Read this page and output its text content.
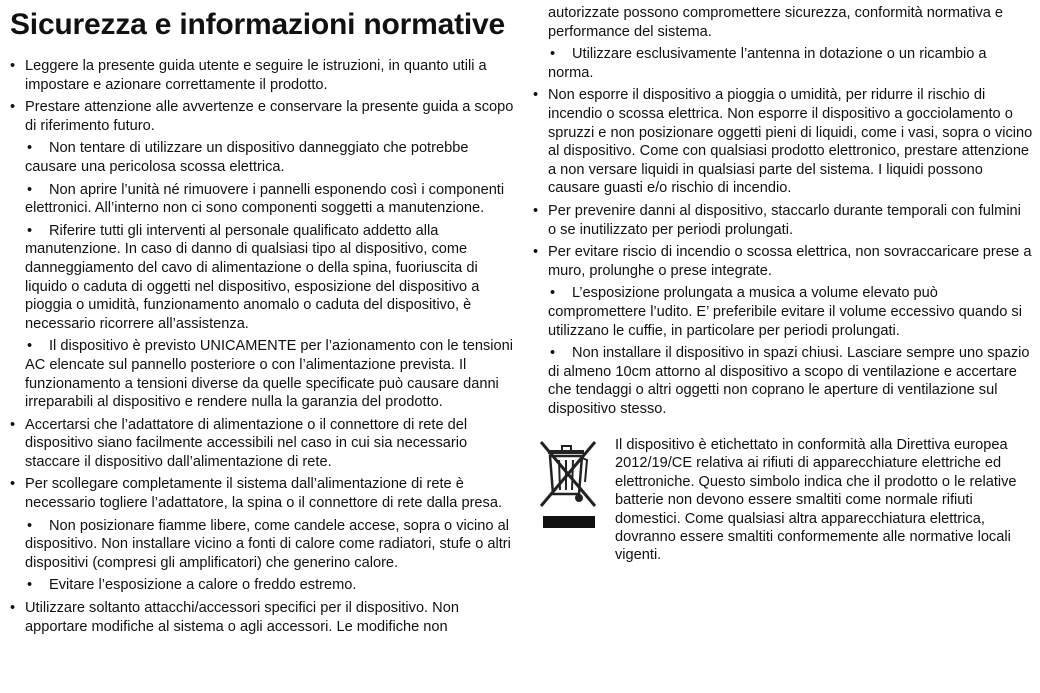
Sicurezza e informazioni normative
• Leggere la presente guida utente e seguire le istruzioni, in quanto utili a impostare e azionare correttamente il prodotto.
• Prestare attenzione alle avvertenze e conservare la presente guida a scopo di riferimento futuro.
• Non tentare di utilizzare un dispositivo danneggiato che potrebbe causare una pericolosa scossa elettrica.
• Non aprire l’unità né rimuovere i pannelli esponendo così i componenti elettronici. All’interno non ci sono componenti soggetti a manutenzione.
• Riferire tutti gli interventi al personale qualificato addetto alla manutenzione. In caso di danno di qualsiasi tipo al dispositivo, come danneggiamento del cavo di alimentazione o della spina, fuoriuscita di liquido o caduta di oggetti nel dispositivo, esposizione del dispositivo a pioggia o umidità, funzionamento anomalo o caduta del dispositivo, è necessario ricorrere all’assistenza.
• Il dispositivo è previsto UNICAMENTE per l’azionamento con le tensioni AC elencate sul pannello posteriore o con l’alimentazione prevista. Il funzionamento a tensioni diverse da quelle specificate può causare danni irreparabili al dispositivo e rendere nulla la garanzia del prodotto.
• Accertarsi che l’adattatore di alimentazione o il connettore di rete del dispositivo siano facilmente accessibili nel caso in cui sia necessario staccare il dispositivo dall’alimentazione di rete.
• Per scollegare completamente il sistema dall’alimentazione di rete è necessario togliere l’adattatore, la spina o il connettore di rete dalla presa.
• Non posizionare fiamme libere, come candele accese, sopra o vicino al dispositivo. Non installare vicino a fonti di calore come radiatori, stufe o altri dispositivi (compresi gli amplificatori) che generino calore.
• Evitare l’esposizione a calore o freddo estremo.
• Utilizzare soltanto attacchi/accessori specifici per il dispositivo. Non apportare modifiche al sistema o agli accessori. Le modifiche non
autorizzate possono compromettere sicurezza, conformità normativa e performance del sistema.
• Utilizzare esclusivamente l’antenna in dotazione o un ricambio a norma.
• Non esporre il dispositivo a pioggia o umidità, per ridurre il rischio di incendio o scossa elettrica. Non esporre il dispositivo a gocciolamento o spruzzi e non posizionare oggetti pieni di liquidi, come i vasi, sopra o vicino al dispositivo. Come con qualsiasi prodotto elettronico, prestare attenzione a non versare liquidi in qualsiasi parte del sistema. I liquidi possono causare guasti e/o rischio di incendio.
• Per prevenire danni al dispositivo, staccarlo durante temporali con fulmini o se inutilizzato per periodi prolungati.
• Per evitare riscio di incendio o scossa elettrica, non sovraccaricare prese a muro, prolunghe o prese integrate.
• L’esposizione prolungata a musica a volume elevato può compromettere l’udito. E’ preferibile evitare il volume eccessivo quando si utilizzano le cuffie, in particolare per periodi prolungati.
• Non installare il dispositivo in spazi chiusi. Lasciare sempre uno spazio di almeno 10cm attorno al dispositivo a scopo di ventilazione e accertare che tendaggi o altri oggetti non coprano le aperture di ventilazione sul dispositivo stesso.

Il dispositivo è etichettato in conformità alla Direttiva europea 2012/19/CE relativa ai rifiuti di apparecchiature elettriche ed elettroniche. Questo simbolo indica che il prodotto o le relative batterie non devono essere smaltiti come normale rifiuti domestici. Come qualsiasi altra apparecchiatura elettrica, dovranno essere smaltiti conformemente alle normative locali vigenti.
